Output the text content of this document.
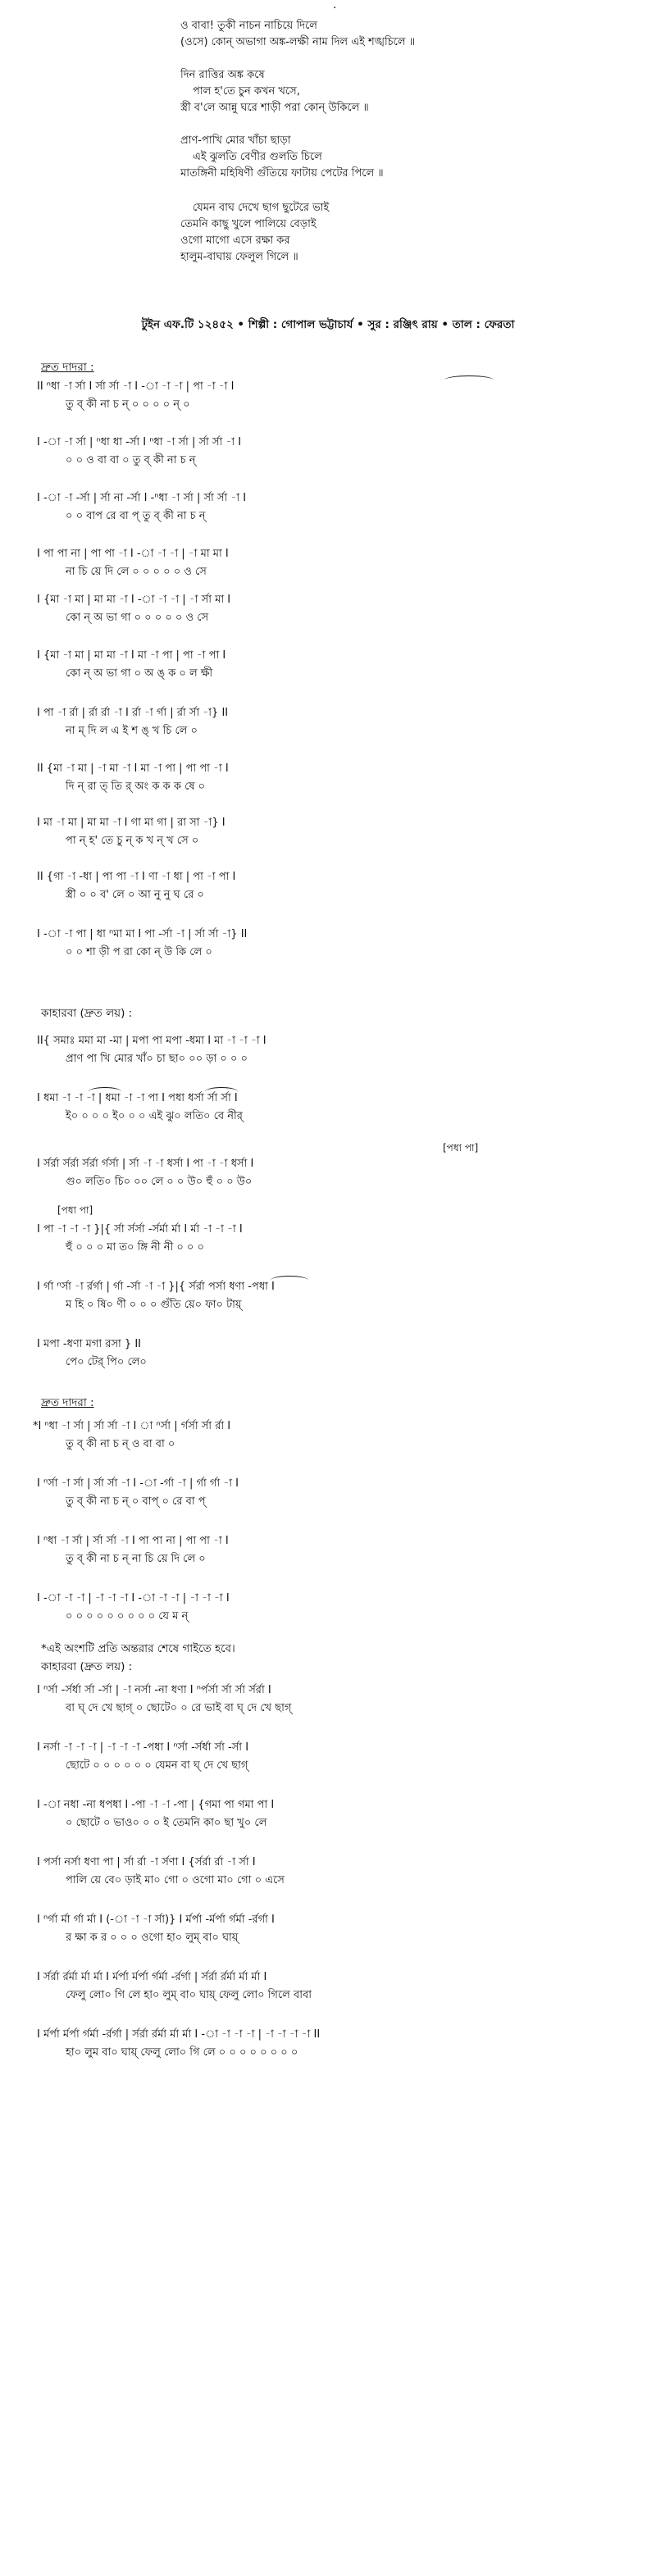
·
ও বাবা! তুকী নাচন নাচিয়ে দিলে
(ওসে) কোন্ অভাগা অঙ্ক-লক্ষী নাম দিল এই শঙ্খচিলে ॥
দিন রাত্তির অঙ্ক কষে
পাল হ'তে চুন কখন খসে,
স্ত্রী ব'লে আন্নু ঘরে শাড়ী পরা কোন্ উকিলে ॥
প্রাণ-পাখি মোর খাঁচা ছাড়া
এই ঝুলতি বেণীর গুলতি চিলে
মাতঙ্গিনী মহিষিণী গুঁতিয়ে ফাটায় পেটের পিলে ॥
যেমন বাঘ দেখে ছাগ ছুটেরে ভাই
তেমনি কাছু খুলে পালিয়ে বেড়াই
ওগো মাগো এসে রক্ষা কর
হালুম-বাঘায় ফেলুল গিলে ॥
টুইন এফ.টি ১২৪৫২ • শিল্পী : গোপাল ভট্টাচার্য • সুর : রঞ্জিৎ রায় • তাল : ফেরতা
দ্রুত দাদরা :
II ⁿধা -া র্সা I র্সা র্সা -া I -া -া -া | পা -া -া I
তু ব্ কী না চ ন্ ০ ০ ০ ০ ন্ ০
I -া -া র্সা | ⁿধা ধা -র্সা I ⁿধা -া র্সা | র্সা র্সা -া I
০ ০ ও বা বা ০ তু ব্ কী না চ ন্
I -া -া -র্সা | র্সা না -র্সা I -ⁿধা -া র্সা | র্সা র্সা -া I
০ ০ বাপ রে বা প্ তু ব্ কী না চ ন্
I পা পা না | পা পা -া I -া -া -া | -া মা মা I
না চি য়ে দি লে ০ ০ ০ ০ ০ ও সে
I {মা -া মা | মা মা -া I -া -া -া | -া র্সা মা I
কো ন্ অ ভা গা ০ ০ ০ ০ ০ ও সে
I {মা -া মা | মা মা -া I মা -া পা | পা -া পা I
কো ন্ অ ভা গা ০ অ ঙ্ ক ০ ল ক্ষী
I পা -া র্রা | র্রা র্রা -া I র্রা -া র্গা | র্রা র্সা -া} II
না ম্ দি ল এ ই শ ঙ্ খ চি লে ০
II {মা -া মা | -া মা -া I মা -া পা | পা পা -া I
দি ন্ রা ত্ তি র্ অং ক ক ক ষে ০
I মা -া মা | মা মা -া I গা মা গা | রা সা -া} I
পা ন্ হ' তে চু ন্ ক খ ন্ খ সে ০
II {গা -া -ধা | পা পা -া I ণা -া ধা | পা -া পা I
স্ত্রী ০ ০ ব' লে ০ আ নু নু ঘ রে ০
I -া -া পা | ধা ⁿমা মা I পা -র্সা -া | র্সা র্সা -া} II
০ ০ শা ড়ী প রা কো ন্ উ কি লে ০
কাহারবা (দ্রুত লয়) :
II{ সমাঃ মমা মা -মা | মপা পা মপা -ধমা I মা -া -া -া I
প্রাণ পা খি মোর খাঁ০ চা ছা০ ০০ ড়া ০ ০ ০
I ধমা -া -া -া | ধমা -া -া পা I পধা ধর্সা র্সা র্সা I
ই০ ০ ০ ০ ই০ ০ ০ এই ঝু০ লতি০ বে নীর্
[পধা পা]
I র্সর্রা র্সর্রা র্সর্রা র্গর্সা | র্সা -া -া ধর্সা I পা -া -া ধর্সা I
গু০ লতি০ চি০ ০০ লে ০ ০ উ০ হুঁ ০ ০ উ০
[পধা পা]
I পা -া -া -া }|{ র্সা র্সর্সা -র্সর্মা র্মা I র্মা -া -া -া I
হুঁ ০ ০ ০ মা ত০ ঙ্গি নী নী ০ ০ ০
I র্গা ⁿর্সা -া র্রর্গা | র্গা -র্সা -া -া }|{ র্সর্রা পর্সা ধণা -পধা I
ম হি ০ ষি০ ণী ০ ০ ০ গুঁতি য়ে০ ফা০ টায়্
I মপা -ধণা মগা রসা } II
পে০ টের্ পি০ লে০
দ্রুত দাদরা :
*I ⁿধা -া র্সা | র্সা র্সা -া I া ⁿর্সা | র্গর্সা র্সা র্রা I
তু ব্ কী না চ ন্ ও বা বা ০
I ⁿর্সা -া র্সা | র্সা র্সা -া I -া -র্গা -া | র্গা র্গা -া I
তু ব্ কী না চ ন্ ০ বাপ্ ০ রে বা প্
I ⁿধা -া র্সা | র্সা র্সা -া I পা পা না | পা পা -া I
তু ব্ কী না চ ন্ না চি য়ে দি লে ০
I -া -া -া | -া -া -া I -া -া -া | -া -া -া I
০ ০ ০ ০ ০ ০ ০ ০ ০ যে ম ন্
*এই অংশটি প্রতি অন্তরার শেষে গাইতে হবে।
কাহারবা (দ্রুত লয়) :
I ⁿর্সা -র্সর্ধা র্সা -র্সা | -া নর্সা -না ধণা I ⁿর্পর্সা র্সা র্সা র্সর্রা I
বা ঘ্ দে খে ছাগ্ ০ ছোটে০ ০ রে ভাই বা ঘ্ দে খে ছাগ্
I নর্সা -া -া -া | -া -া -া -পধা I ⁿর্সা -র্সর্ধা র্সা -র্সা I
ছোটে ০ ০ ০ ০ ০ ০ যেমন বা ঘ্ দে খে ছাগ্
I -া নধা -না ধপধা I -পা -া -া -পা | {গমা পা গমা পা I
০ ছোটে ০ ভাও০ ০ ০ ই তেমনি কা০ ছা খু০ লে
I পর্সা নর্সা ধণা পা | র্সা র্রা -া র্সণা I {র্সর্রা র্রা -া র্সা I
পালি য়ে বে০ ড়াই মা০ গো ০ ওগো মা০ গো ০ এসে
I ⁿর্গা র্মা র্গা র্মা I (-া -া -া র্সা)} I র্মর্পা -র্মর্পা র্গর্মা -র্রর্গা I
র ক্ষা ক র ০ ০ ০ ওগো হা০ লুম্ বা০ ঘায়্
I র্সর্রা র্রর্মা র্মা র্মা I র্মর্পা র্মর্পা র্গর্মা -র্রর্গা | র্সর্রা র্রর্মা র্মা র্মা I
ফেলু লো০ গি লে হা০ লুম্ বা০ ঘায়্ ফেলু লো০ গিলে বাবা
I র্মর্পা র্মর্পা র্গর্মা -র্রর্গা | র্সর্রা র্রর্মা র্মা র্মা I -া -া -া -া | -া -া -া -া II
হা০ লুম বা০ ঘায়্ ফেলু লো০ গি লে ০ ০ ০ ০ ০ ০ ০ ০
